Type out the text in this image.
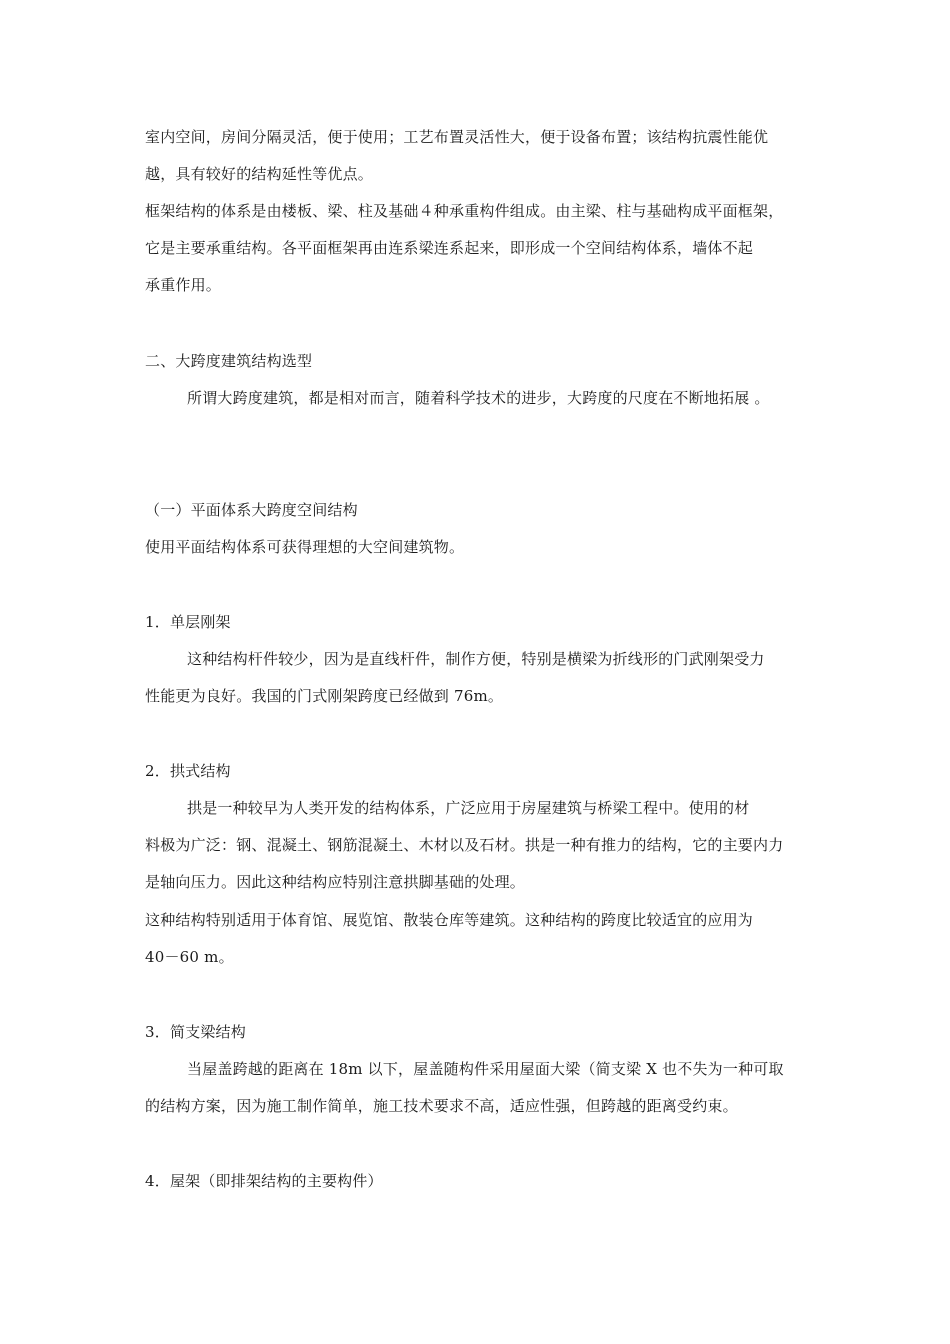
室内空间，房间分隔灵活，便于使用；工艺布置灵活性大，便于设备布置；该结构抗震性能优
越，具有较好的结构延性等优点。
框架结构的体系是由楼板、梁、柱及基础４种承重构件组成。由主梁、柱与基础构成平面框架，
它是主要承重结构。各平面框架再由连系梁连系起来，即形成一个空间结构体系，墙体不起
承重作用。
二、大跨度建筑结构选型
所谓大跨度建筑，都是相对而言，随着科学技术的进步，大跨度的尺度在不断地拓展 。
（一）平面体系大跨度空间结构
使用平面结构体系可获得理想的大空间建筑物。
1．单层刚架
这种结构杆件较少，因为是直线杆件，制作方便，特别是横梁为折线形的门武刚架受力
性能更为良好。我国的门式刚架跨度已经做到 76m。
2．拱式结构
拱是一种较早为人类开发的结构体系，广泛应用于房屋建筑与桥梁工程中。使用的材
料极为广泛：钢、混凝土、钢筋混凝土、木材以及石材。拱是一种有推力的结构，它的主要内力
是轴向压力。因此这种结构应特别注意拱脚基础的处理。
这种结构特别适用于体育馆、展览馆、散装仓库等建筑。这种结构的跨度比较适宜的应用为
40－60 m。
3．简支梁结构
当屋盖跨越的距离在 18m 以下，屋盖随构件采用屋面大梁（简支梁 X 也不失为一种可取
的结构方案，因为施工制作简单，施工技术要求不高，适应性强，但跨越的距离受约束。
4．屋架（即排架结构的主要构件）
